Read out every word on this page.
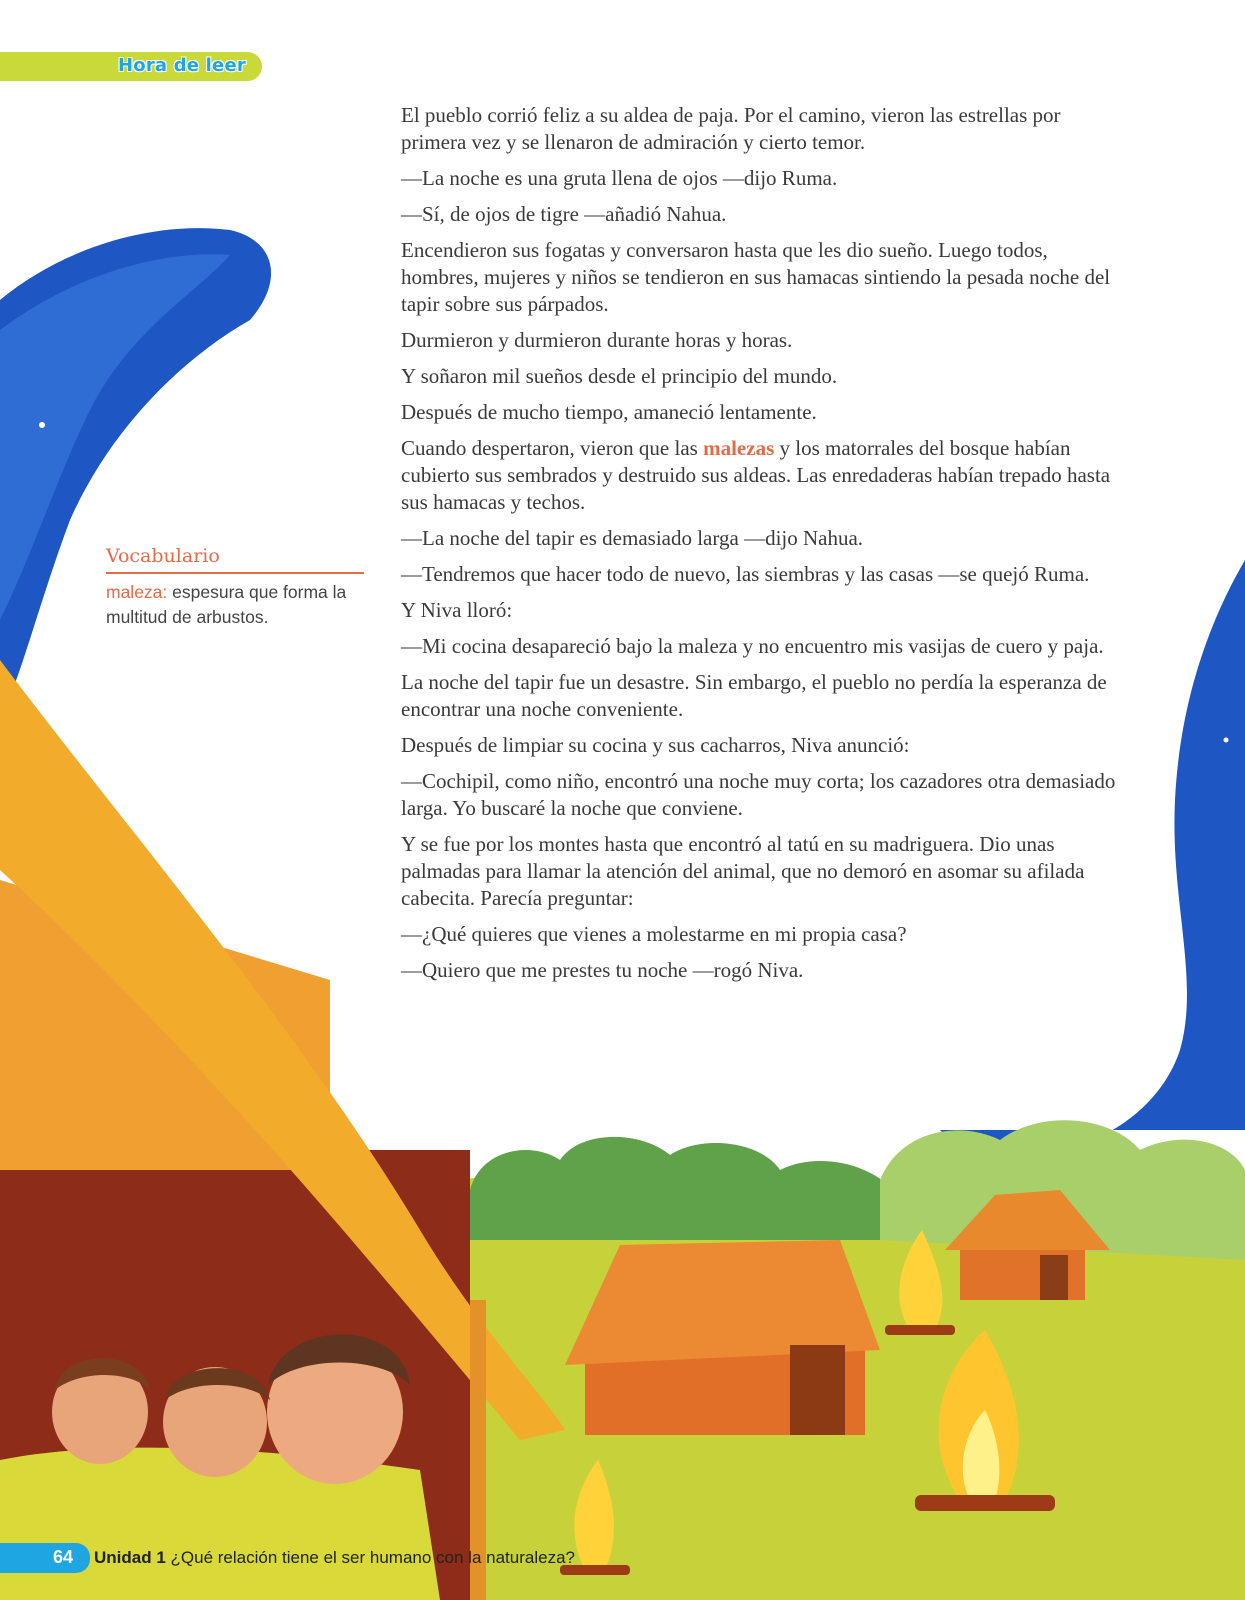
Hora de leer

El pueblo corrió feliz a su aldea de paja. Por el camino, vieron las estrellas por primera vez y se llenaron de admiración y cierto temor.

—La noche es una gruta llena de ojos —dijo Ruma.

—Sí, de ojos de tigre —añadió Nahua.

Encendieron sus fogatas y conversaron hasta que les dio sueño. Luego todos, hombres, mujeres y niños se tendieron en sus hamacas sintiendo la pesada noche del tapir sobre sus párpados.

Durmieron y durmieron durante horas y horas.

Y soñaron mil sueños desde el principio del mundo.

Después de mucho tiempo, amaneció lentamente.

Cuando despertaron, vieron que las malezas y los matorrales del bosque habían cubierto sus sembrados y destruido sus aldeas. Las enredaderas habían trepado hasta sus hamacas y techos.

—La noche del tapir es demasiado larga —dijo Nahua.

—Tendremos que hacer todo de nuevo, las siembras y las casas —se quejó Ruma.

Y Niva lloró:

—Mi cocina desapareció bajo la maleza y no encuentro mis vasijas de cuero y paja.

La noche del tapir fue un desastre. Sin embargo, el pueblo no perdía la esperanza de encontrar una noche conveniente.

Después de limpiar su cocina y sus cacharros, Niva anunció:

—Cochipil, como niño, encontró una noche muy corta; los cazadores otra demasiado larga. Yo buscaré la noche que conviene.

Y se fue por los montes hasta que encontró al tatú en su madriguera. Dio unas palmadas para llamar la atención del animal, que no demoró en asomar su afilada cabecita. Parecía preguntar:

—¿Qué quieres que vienes a molestarme en mi propia casa?

—Quiero que me prestes tu noche —rogó Niva.

Vocabulario
maleza: espesura que forma la multitud de arbustos.
64 Unidad 1 ¿Qué relación tiene el ser humano con la naturaleza?
